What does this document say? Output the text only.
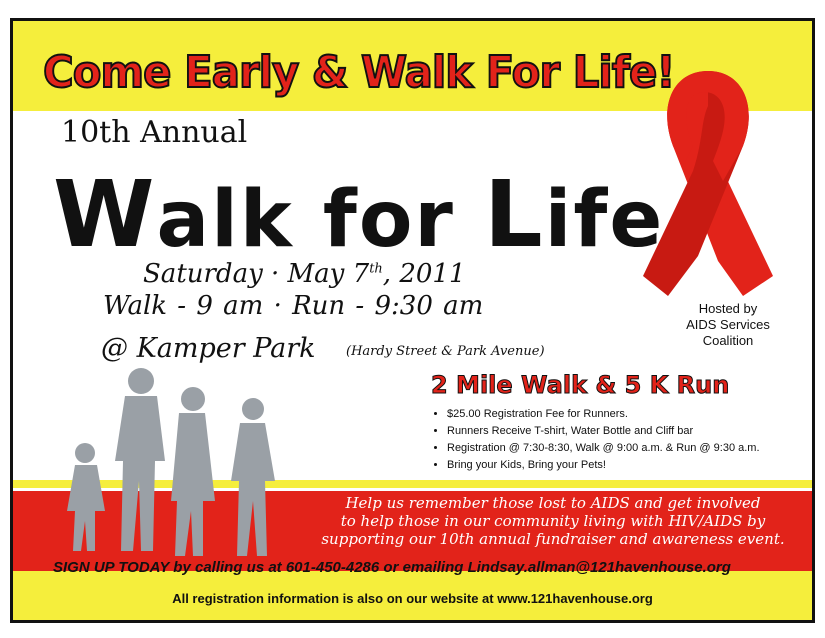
Come Early & Walk For Life!
10th Annual
Walk for Life
Saturday · May 7th, 2011
Walk - 9 am · Run - 9:30 am
@ Kamper Park (Hardy Street & Park Avenue)
Hosted by
AIDS Services
Coalition
2 Mile Walk & 5 K Run
• $25.00 Registration Fee for Runners.
• Runners Receive T-shirt, Water Bottle and Cliff bar
• Registration @ 7:30-8:30, Walk @ 9:00 a.m. & Run @ 9:30 a.m.
• Bring your Kids, Bring your Pets!
Help us remember those lost to AIDS and get involved
to help those in our community living with HIV/AIDS by
supporting our 10th annual fundraiser and awareness event.
SIGN UP TODAY by calling us at 601-450-4286 or emailing Lindsay.allman@121havenhouse.org
All registration information is also on our website at www.121havenhouse.org
